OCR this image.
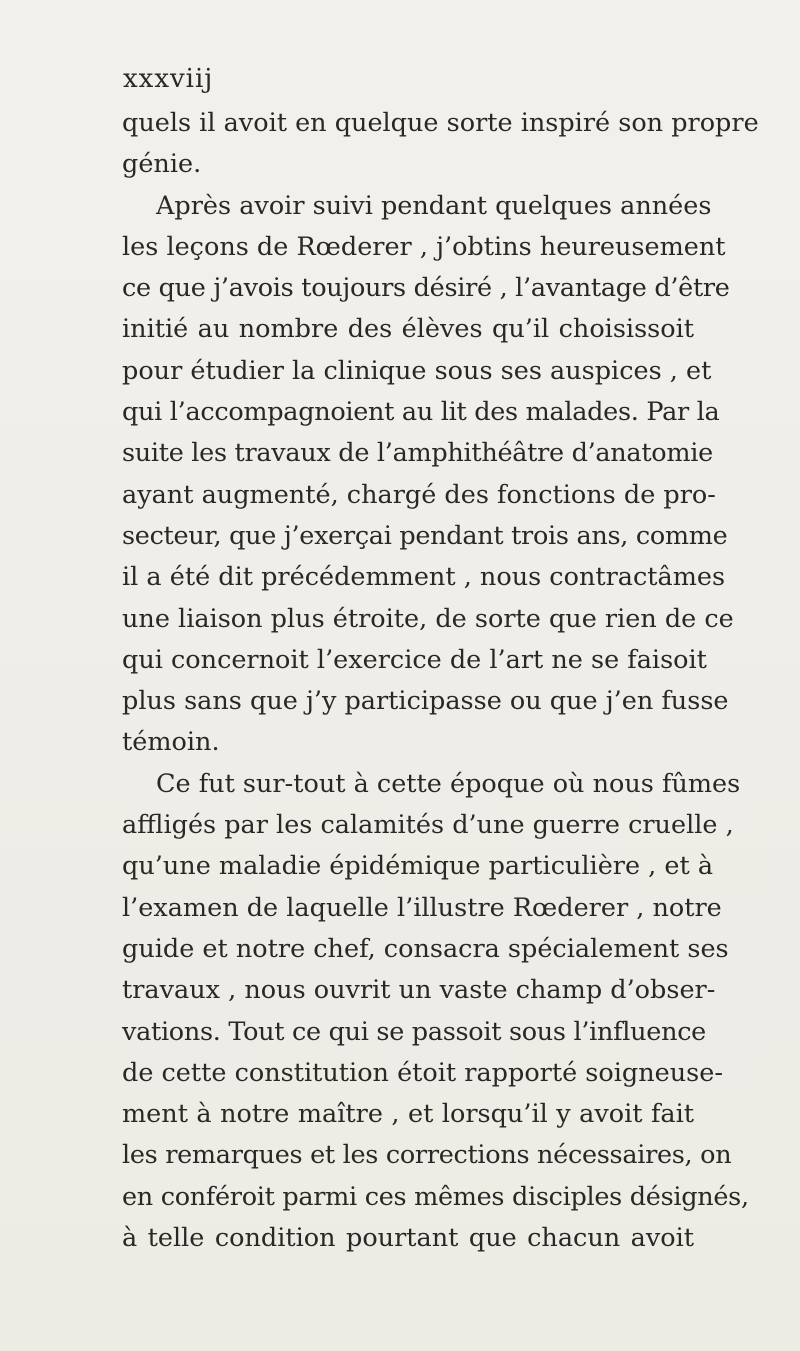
xxxviij
quels il avoit en quelque sorte inspiré son propre
génie.
Après avoir suivi pendant quelques années
les leçons de Rœderer , j’obtins heureusement
ce que j’avois toujours désiré , l’avantage d’être
initié au nombre des élèves qu’il choisissoit
pour étudier la clinique sous ses auspices , et
qui l’accompagnoient au lit des malades. Par la
suite les travaux de l’amphithéâtre d’anatomie
ayant augmenté, chargé des fonctions de pro-
secteur, que j’exerçai pendant trois ans, comme
il a été dit précédemment , nous contractâmes
une liaison plus étroite, de sorte que rien de ce
qui concernoit l’exercice de l’art ne se faisoit
plus sans que j’y participasse ou que j’en fusse
témoin.
Ce fut sur-tout à cette époque où nous fûmes
affligés par les calamités d’une guerre cruelle ,
qu’une maladie épidémique particulière , et à
l’examen de laquelle l’illustre Rœderer , notre
guide et notre chef, consacra spécialement ses
travaux , nous ouvrit un vaste champ d’obser-
vations. Tout ce qui se passoit sous l’influence
de cette constitution étoit rapporté soigneuse-
ment à notre maître , et lorsqu’il y avoit fait
les remarques et les corrections nécessaires, on
en conféroit parmi ces mêmes disciples désignés,
à telle condition pourtant que chacun avoit
